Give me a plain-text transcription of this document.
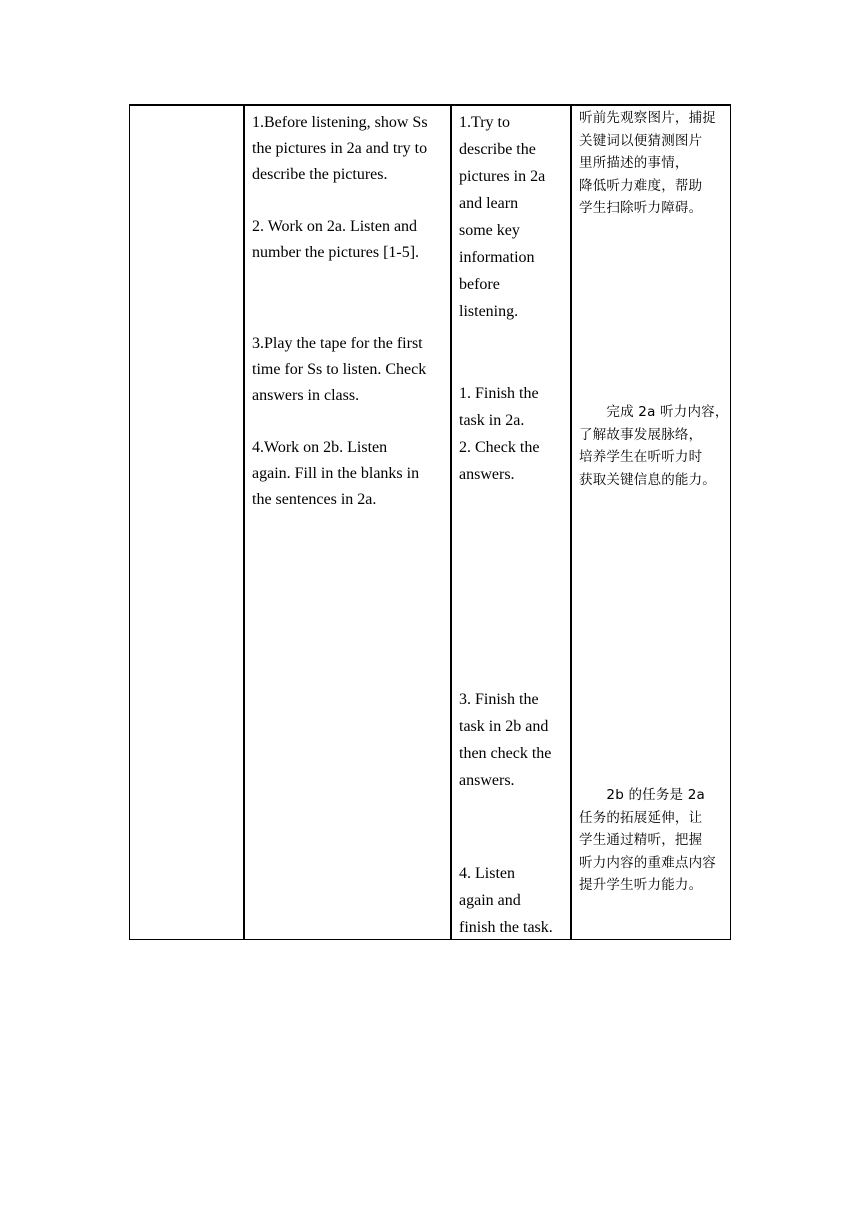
1.Before listening, show Ss
the pictures in 2a and try to
describe the pictures.
2. Work on 2a. Listen and
number the pictures [1-5].
3.Play the tape for the first
time for Ss to listen. Check
answers in class.
4.Work on 2b. Listen
again. Fill in the blanks in
the sentences in 2a.
1.Try to
describe the
pictures in 2a
and learn
some key
information
before
listening.
1. Finish the
task in 2a.
2. Check the
answers.
3. Finish the
task in 2b and
then check the
answers.
4. Listen
again and
finish the task.
听前先观察图片，捕捉
关键词以便猜测图片
里所描述的事情，
降低听力难度，帮助
学生扫除听力障碍。
　　完成 2a 听力内容，
了解故事发展脉络，
培养学生在听听力时
获取关键信息的能力。
　　2b 的任务是 2a
任务的拓展延伸，让
学生通过精听，把握
听力内容的重难点内容
提升学生听力能力。
